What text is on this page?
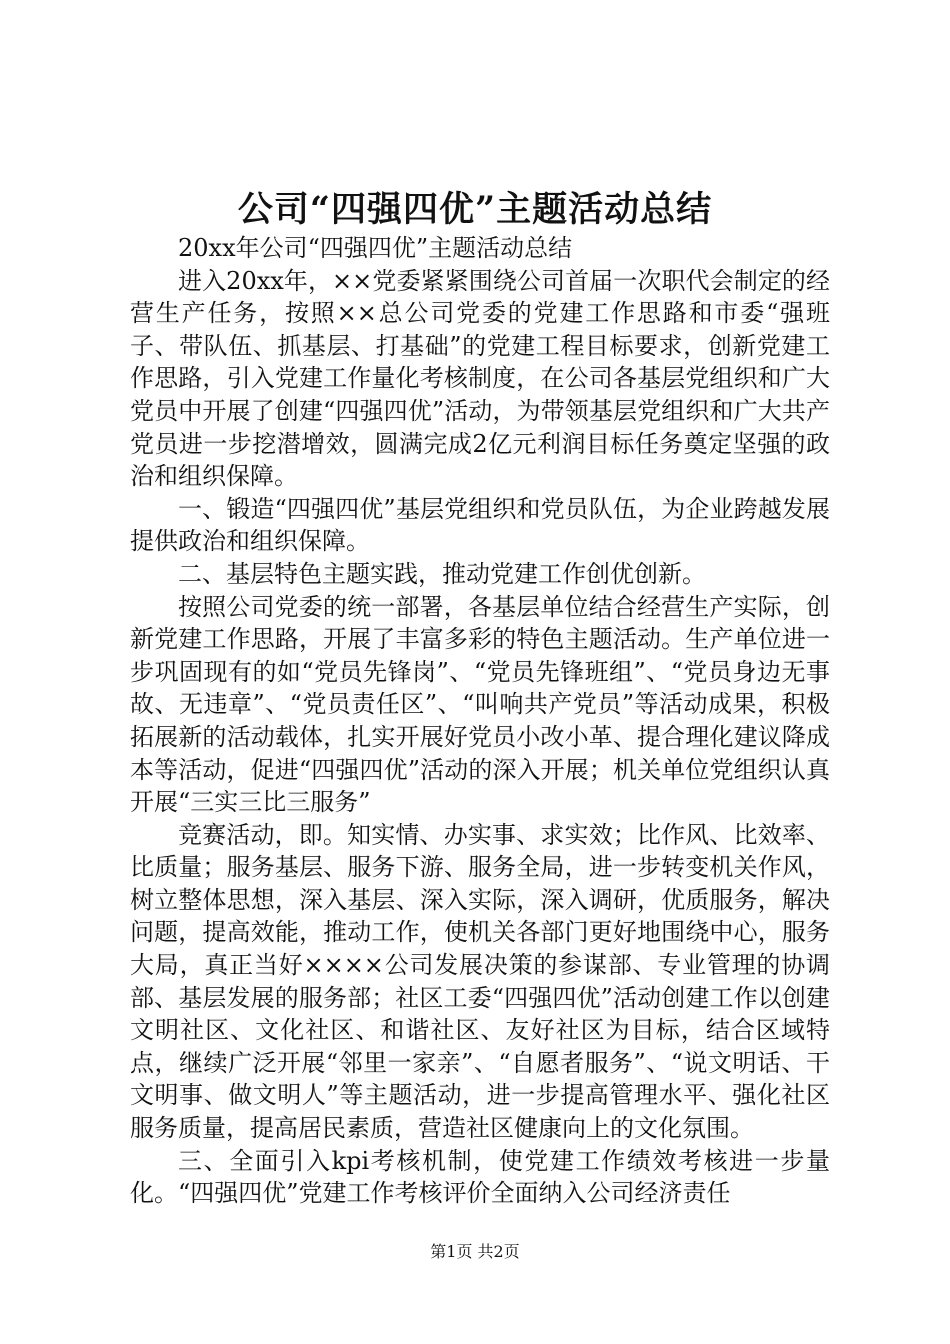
公司“四强四优”主题活动总结

20xx年公司“四强四优”主题活动总结

进入20xx年，××党委紧紧围绕公司首届一次职代会制定的经营生产任务，按照××总公司党委的党建工作思路和市委“强班子、带队伍、抓基层、打基础”的党建工程目标要求，创新党建工作思路，引入党建工作量化考核制度，在公司各基层党组织和广大党员中开展了创建“四强四优”活动，为带领基层党组织和广大共产党员进一步挖潜增效，圆满完成2亿元利润目标任务奠定坚强的政治和组织保障。

一、锻造“四强四优”基层党组织和党员队伍，为企业跨越发展提供政治和组织保障。

二、基层特色主题实践，推动党建工作创优创新。

按照公司党委的统一部署，各基层单位结合经营生产实际，创新党建工作思路，开展了丰富多彩的特色主题活动。生产单位进一步巩固现有的如“党员先锋岗”、“党员先锋班组”、“党员身边无事故、无违章”、“党员责任区”、“叫响共产党员”等活动成果，积极拓展新的活动载体，扎实开展好党员小改小革、提合理化建议降成本等活动，促进“四强四优”活动的深入开展；机关单位党组织认真开展“三实三比三服务”

竞赛活动，即。知实情、办实事、求实效；比作风、比效率、比质量；服务基层、服务下游、服务全局，进一步转变机关作风，树立整体思想，深入基层、深入实际，深入调研，优质服务，解决问题，提高效能，推动工作，使机关各部门更好地围绕中心，服务大局，真正当好××××公司发展决策的参谋部、专业管理的协调部、基层发展的服务部；社区工委“四强四优”活动创建工作以创建文明社区、文化社区、和谐社区、友好社区为目标，结合区域特点，继续广泛开展“邻里一家亲”、“自愿者服务”、“说文明话、干文明事、做文明人”等主题活动，进一步提高管理水平、强化社区服务质量，提高居民素质，营造社区健康向上的文化氛围。

三、全面引入kpi考核机制，使党建工作绩效考核进一步量化。“四强四优”党建工作考核评价全面纳入公司经济责任

第1页 共2页
